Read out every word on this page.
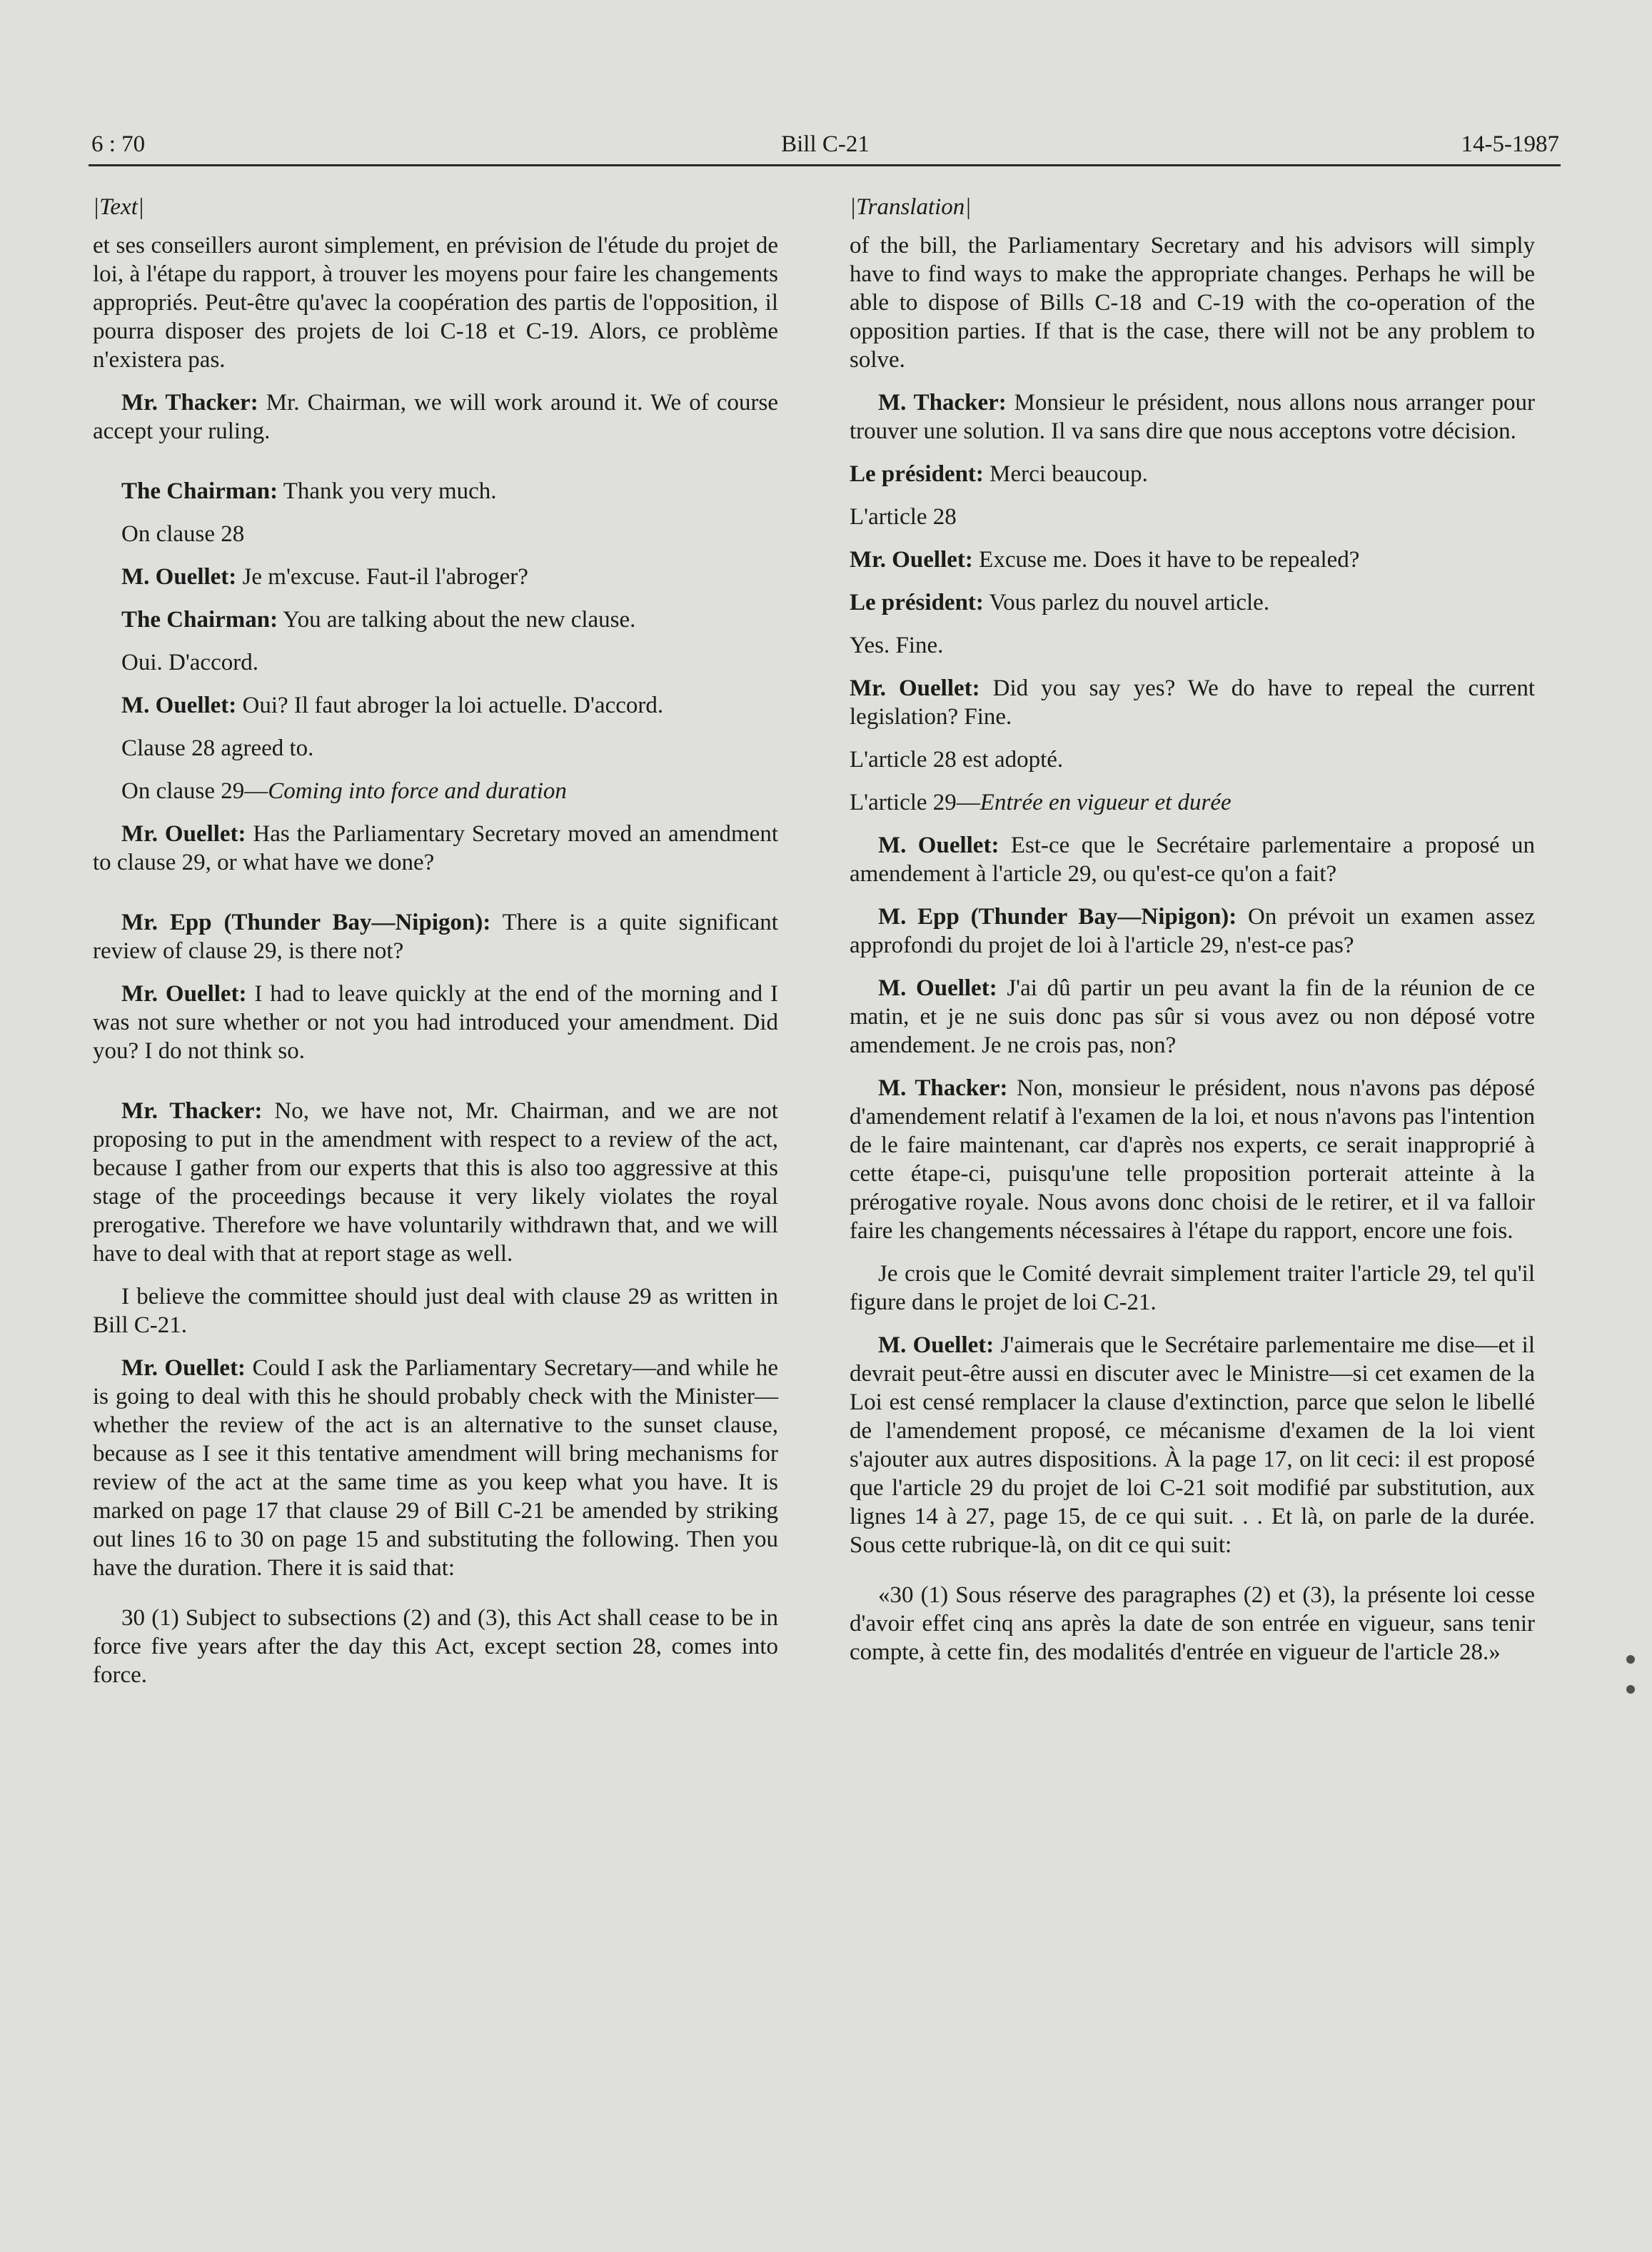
6 : 70	Bill C-21	14-5-1987
|Text|

et ses conseillers auront simplement, en prévision de l'étude du projet de loi, à l'étape du rapport, à trouver les moyens pour faire les changements appropriés. Peut-être qu'avec la coopération des partis de l'opposition, il pourra disposer des projets de loi C-18 et C-19. Alors, ce problème n'existera pas.

Mr. Thacker: Mr. Chairman, we will work around it. We of course accept your ruling.

The Chairman: Thank you very much.

On clause 28

M. Ouellet: Je m'excuse. Faut-il l'abroger?

The Chairman: You are talking about the new clause.

Oui. D'accord.

M. Ouellet: Oui? Il faut abroger la loi actuelle. D'accord.

Clause 28 agreed to.

On clause 29—Coming into force and duration

Mr. Ouellet: Has the Parliamentary Secretary moved an amendment to clause 29, or what have we done?

Mr. Epp (Thunder Bay—Nipigon): There is a quite significant review of clause 29, is there not?

Mr. Ouellet: I had to leave quickly at the end of the morning and I was not sure whether or not you had introduced your amendment. Did you? I do not think so.

Mr. Thacker: No, we have not, Mr. Chairman, and we are not proposing to put in the amendment with respect to a review of the act, because I gather from our experts that this is also too aggressive at this stage of the proceedings because it very likely violates the royal prerogative. Therefore we have voluntarily withdrawn that, and we will have to deal with that at report stage as well.

I believe the committee should just deal with clause 29 as written in Bill C-21.

Mr. Ouellet: Could I ask the Parliamentary Secretary—and while he is going to deal with this he should probably check with the Minister—whether the review of the act is an alternative to the sunset clause, because as I see it this tentative amendment will bring mechanisms for review of the act at the same time as you keep what you have. It is marked on page 17 that clause 29 of Bill C-21 be amended by striking out lines 16 to 30 on page 15 and substituting the following. Then you have the duration. There it is said that:

30 (1) Subject to subsections (2) and (3), this Act shall cease to be in force five years after the day this Act, except section 28, comes into force.

|Translation|

of the bill, the Parliamentary Secretary and his advisors will simply have to find ways to make the appropriate changes. Perhaps he will be able to dispose of Bills C-18 and C-19 with the co-operation of the opposition parties. If that is the case, there will not be any problem to solve.

M. Thacker: Monsieur le président, nous allons nous arranger pour trouver une solution. Il va sans dire que nous acceptons votre décision.

Le président: Merci beaucoup.

L'article 28

Mr. Ouellet: Excuse me. Does it have to be repealed?

Le président: Vous parlez du nouvel article.

Yes. Fine.

Mr. Ouellet: Did you say yes? We do have to repeal the current legislation? Fine.

L'article 28 est adopté.

L'article 29—Entrée en vigueur et durée

M. Ouellet: Est-ce que le Secrétaire parlementaire a proposé un amendement à l'article 29, ou qu'est-ce qu'on a fait?

M. Epp (Thunder Bay—Nipigon): On prévoit un examen assez approfondi du projet de loi à l'article 29, n'est-ce pas?

M. Ouellet: J'ai dû partir un peu avant la fin de la réunion de ce matin, et je ne suis donc pas sûr si vous avez ou non déposé votre amendement. Je ne crois pas, non?

M. Thacker: Non, monsieur le président, nous n'avons pas déposé d'amendement relatif à l'examen de la loi, et nous n'avons pas l'intention de le faire maintenant, car d'après nos experts, ce serait inapproprié à cette étape-ci, puisqu'une telle proposition porterait atteinte à la prérogative royale. Nous avons donc choisi de le retirer, et il va falloir faire les changements nécessaires à l'étape du rapport, encore une fois.

Je crois que le Comité devrait simplement traiter l'article 29, tel qu'il figure dans le projet de loi C-21.

M. Ouellet: J'aimerais que le Secrétaire parlementaire me dise—et il devrait peut-être aussi en discuter avec le Ministre—si cet examen de la Loi est censé remplacer la clause d'extinction, parce que selon le libellé de l'amendement proposé, ce mécanisme d'examen de la loi vient s'ajouter aux autres dispositions. À la page 17, on lit ceci: il est proposé que l'article 29 du projet de loi C-21 soit modifié par substitution, aux lignes 14 à 27, page 15, de ce qui suit. . . Et là, on parle de la durée. Sous cette rubrique-là, on dit ce qui suit:

«30 (1) Sous réserve des paragraphes (2) et (3), la présente loi cesse d'avoir effet cinq ans après la date de son entrée en vigueur, sans tenir compte, à cette fin, des modalités d'entrée en vigueur de l'article 28.»
